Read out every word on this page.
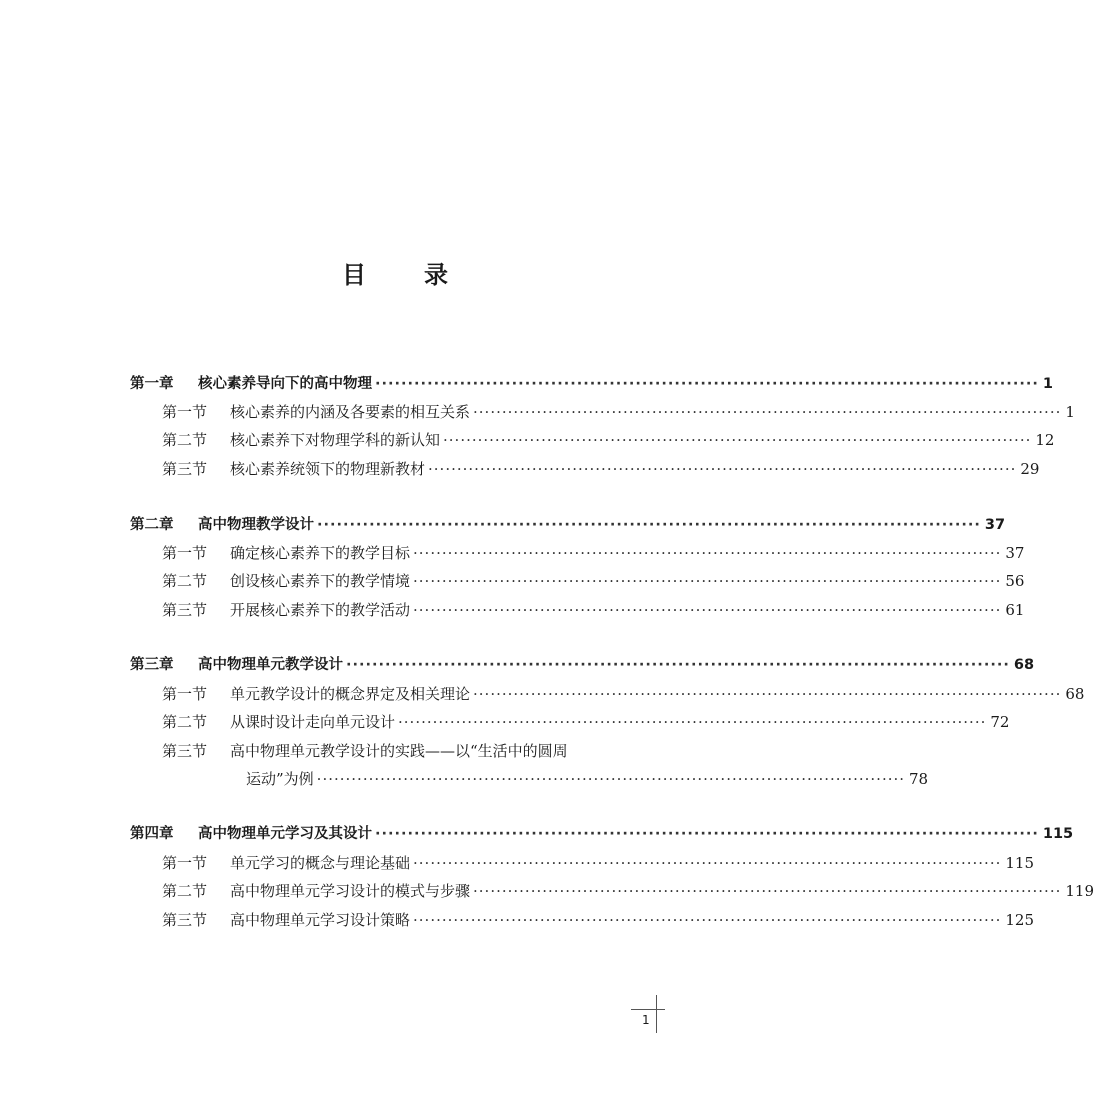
目 录
第一章	核心素养导向下的高中物理 ······································································································ 1
第一节	核心素养的内涵及各要素的相互关系 ······································································································ 1
第二节	核心素养下对物理学科的新认知 ······································································································ 12
第三节	核心素养统领下的物理新教材 ······································································································ 29
第二章	高中物理教学设计 ······································································································ 37
第一节	确定核心素养下的教学目标 ······································································································ 37
第二节	创设核心素养下的教学情境 ······································································································ 56
第三节	开展核心素养下的教学活动 ······································································································ 61
第三章	高中物理单元教学设计 ······································································································ 68
第一节	单元教学设计的概念界定及相关理论 ······································································································ 68
第二节	从课时设计走向单元设计 ······································································································ 72
第三节 高中物理单元教学设计的实践——以“生活中的圆周
运动”为例 ······································································································ 78
第四章	高中物理单元学习及其设计 ······································································································ 115
第一节	单元学习的概念与理论基础 ······································································································ 115
第二节	高中物理单元学习设计的模式与步骤 ······································································································ 119
第三节	高中物理单元学习设计策略 ······································································································ 125
1
